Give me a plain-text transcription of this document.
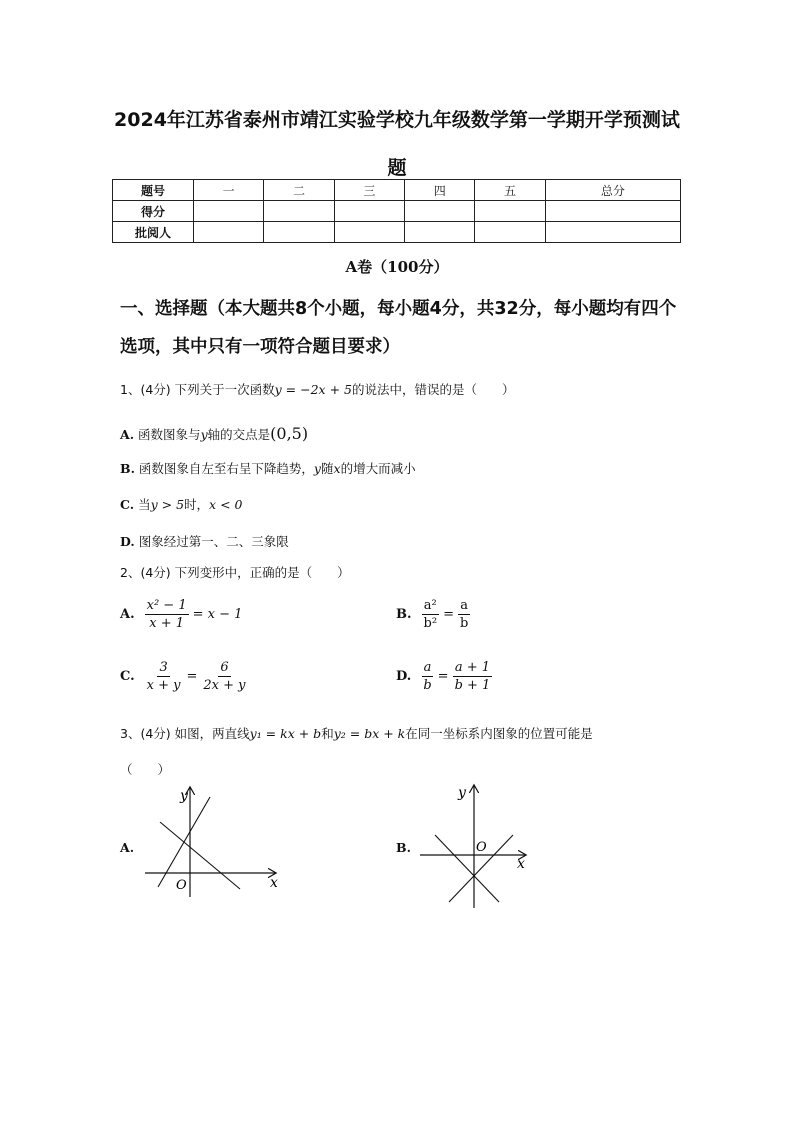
2024年江苏省泰州市靖江实验学校九年级数学第一学期开学预测试
题
题号	一	二	三	四	五	总分
得分						
批阅人						
A卷（100分）
一、选择题（本大题共8个小题，每小题4分，共32分，每小题均有四个选项，其中只有一项符合题目要求）
1、(4分) 下列关于一次函数y = −2x + 5的说法中，错误的是（　　）
A. 函数图象与y轴的交点是(0,5)
B. 函数图象自左至右呈下降趋势，y随x的增大而减小
C. 当y > 5时，x < 0
D. 图象经过第一、二、三象限
2、(4分) 下列变形中，正确的是（　　）
A. $\frac{\text{x² − 1}}{x + 1} = x - 1$	B. $\frac{\text{a²}}{\text{b²}} = \frac{a}{b}$
C. $\frac{3}{x + y} = \frac{6}{2x + y}$	D. $\frac{a}{b} = \frac{a + 1}{b + 1}$
3、(4分) 如图，两直线y₁ = kx + b和y₂ = bx + k在同一坐标系内图象的位置可能是
（　　）
A.
x
y
O
B.
x
y
O
